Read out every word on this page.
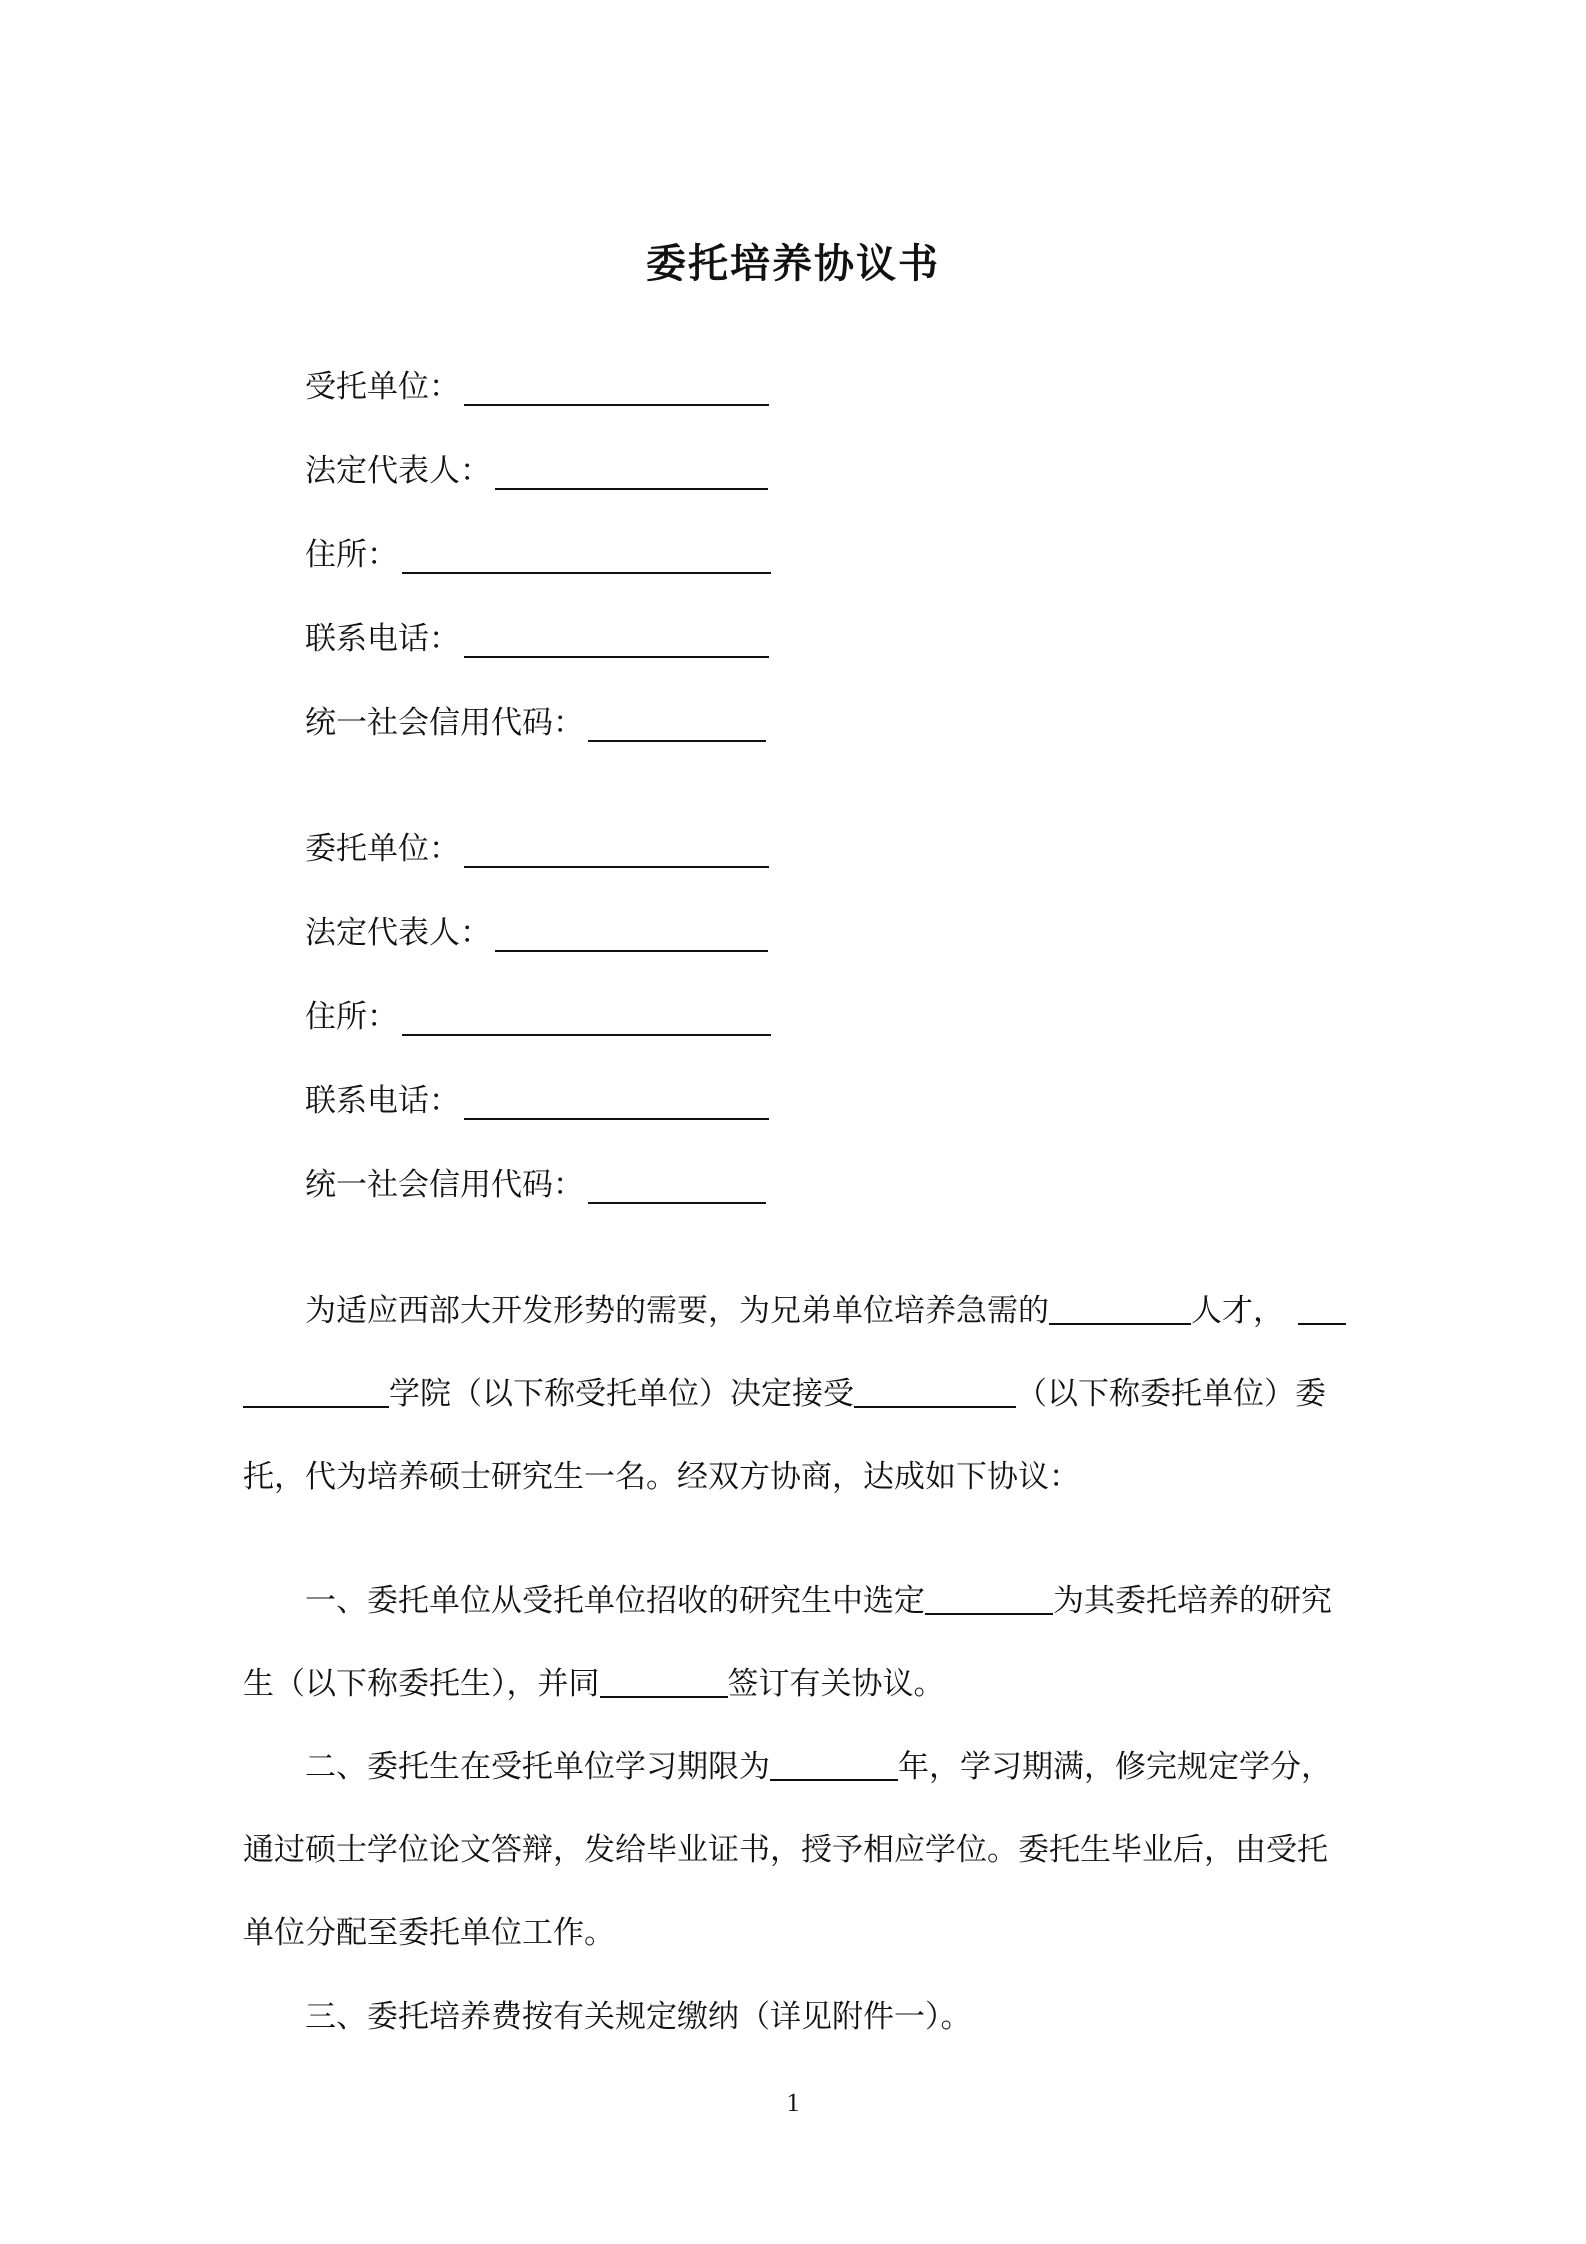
委托培养协议书
受托单位：
法定代表人：
住所：
联系电话：
统一社会信用代码：
委托单位：
法定代表人：
住所：
联系电话：
统一社会信用代码：
为适应西部大开发形势的需要，为兄弟单位培养急需的	人才，
学院（以下称受托单位）决定接受	（以下称委托单位）委
托，代为培养硕士研究生一名。经双方协商，达成如下协议：
一、委托单位从受托单位招收的研究生中选定	为其委托培养的研究
生（以下称委托生），并同	签订有关协议。
二、委托生在受托单位学习期限为	年，学习期满，修完规定学分，
通过硕士学位论文答辩，发给毕业证书，授予相应学位。委托生毕业后，由受托
单位分配至委托单位工作。
三、委托培养费按有关规定缴纳（详见附件一）。
1
